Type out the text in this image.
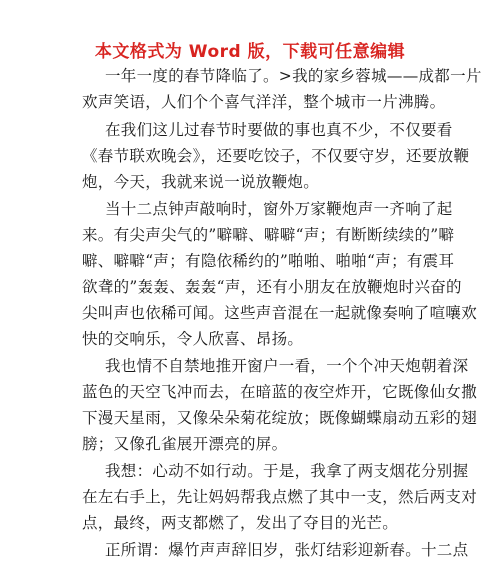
本文格式为 Word 版，下载可任意编辑
一年一度的春节降临了。>我的家乡蓉城——成都一片
欢声笑语，人们个个喜气洋洋，整个城市一片沸腾。
在我们这儿过春节时要做的事也真不少，不仅要看
《春节联欢晚会》，还要吃饺子，不仅要守岁，还要放鞭
炮，今天，我就来说一说放鞭炮。
当十二点钟声敲响时，窗外万家鞭炮声一齐响了起
来。有尖声尖气的”噼噼、噼噼“声；有断断续续的”噼
噼、噼噼“声；有隐依稀约的”啪啪、啪啪“声；有震耳
欲聋的”轰轰、轰轰“声，还有小朋友在放鞭炮时兴奋的
尖叫声也依稀可闻。这些声音混在一起就像奏响了喧嚷欢
快的交响乐，令人欣喜、昂扬。
我也情不自禁地推开窗户一看，一个个冲天炮朝着深
蓝色的天空飞冲而去，在暗蓝的夜空炸开，它既像仙女撒
下漫天星雨，又像朵朵菊花绽放；既像蝴蝶扇动五彩的翅
膀；又像孔雀展开漂亮的屏。
我想：心动不如行动。于是，我拿了两支烟花分别握
在左右手上，先让妈妈帮我点燃了其中一支，然后两支对
点，最终，两支都燃了，发出了夺目的光芒。
正所谓：爆竹声声辞旧岁，张灯结彩迎新春。十二点
